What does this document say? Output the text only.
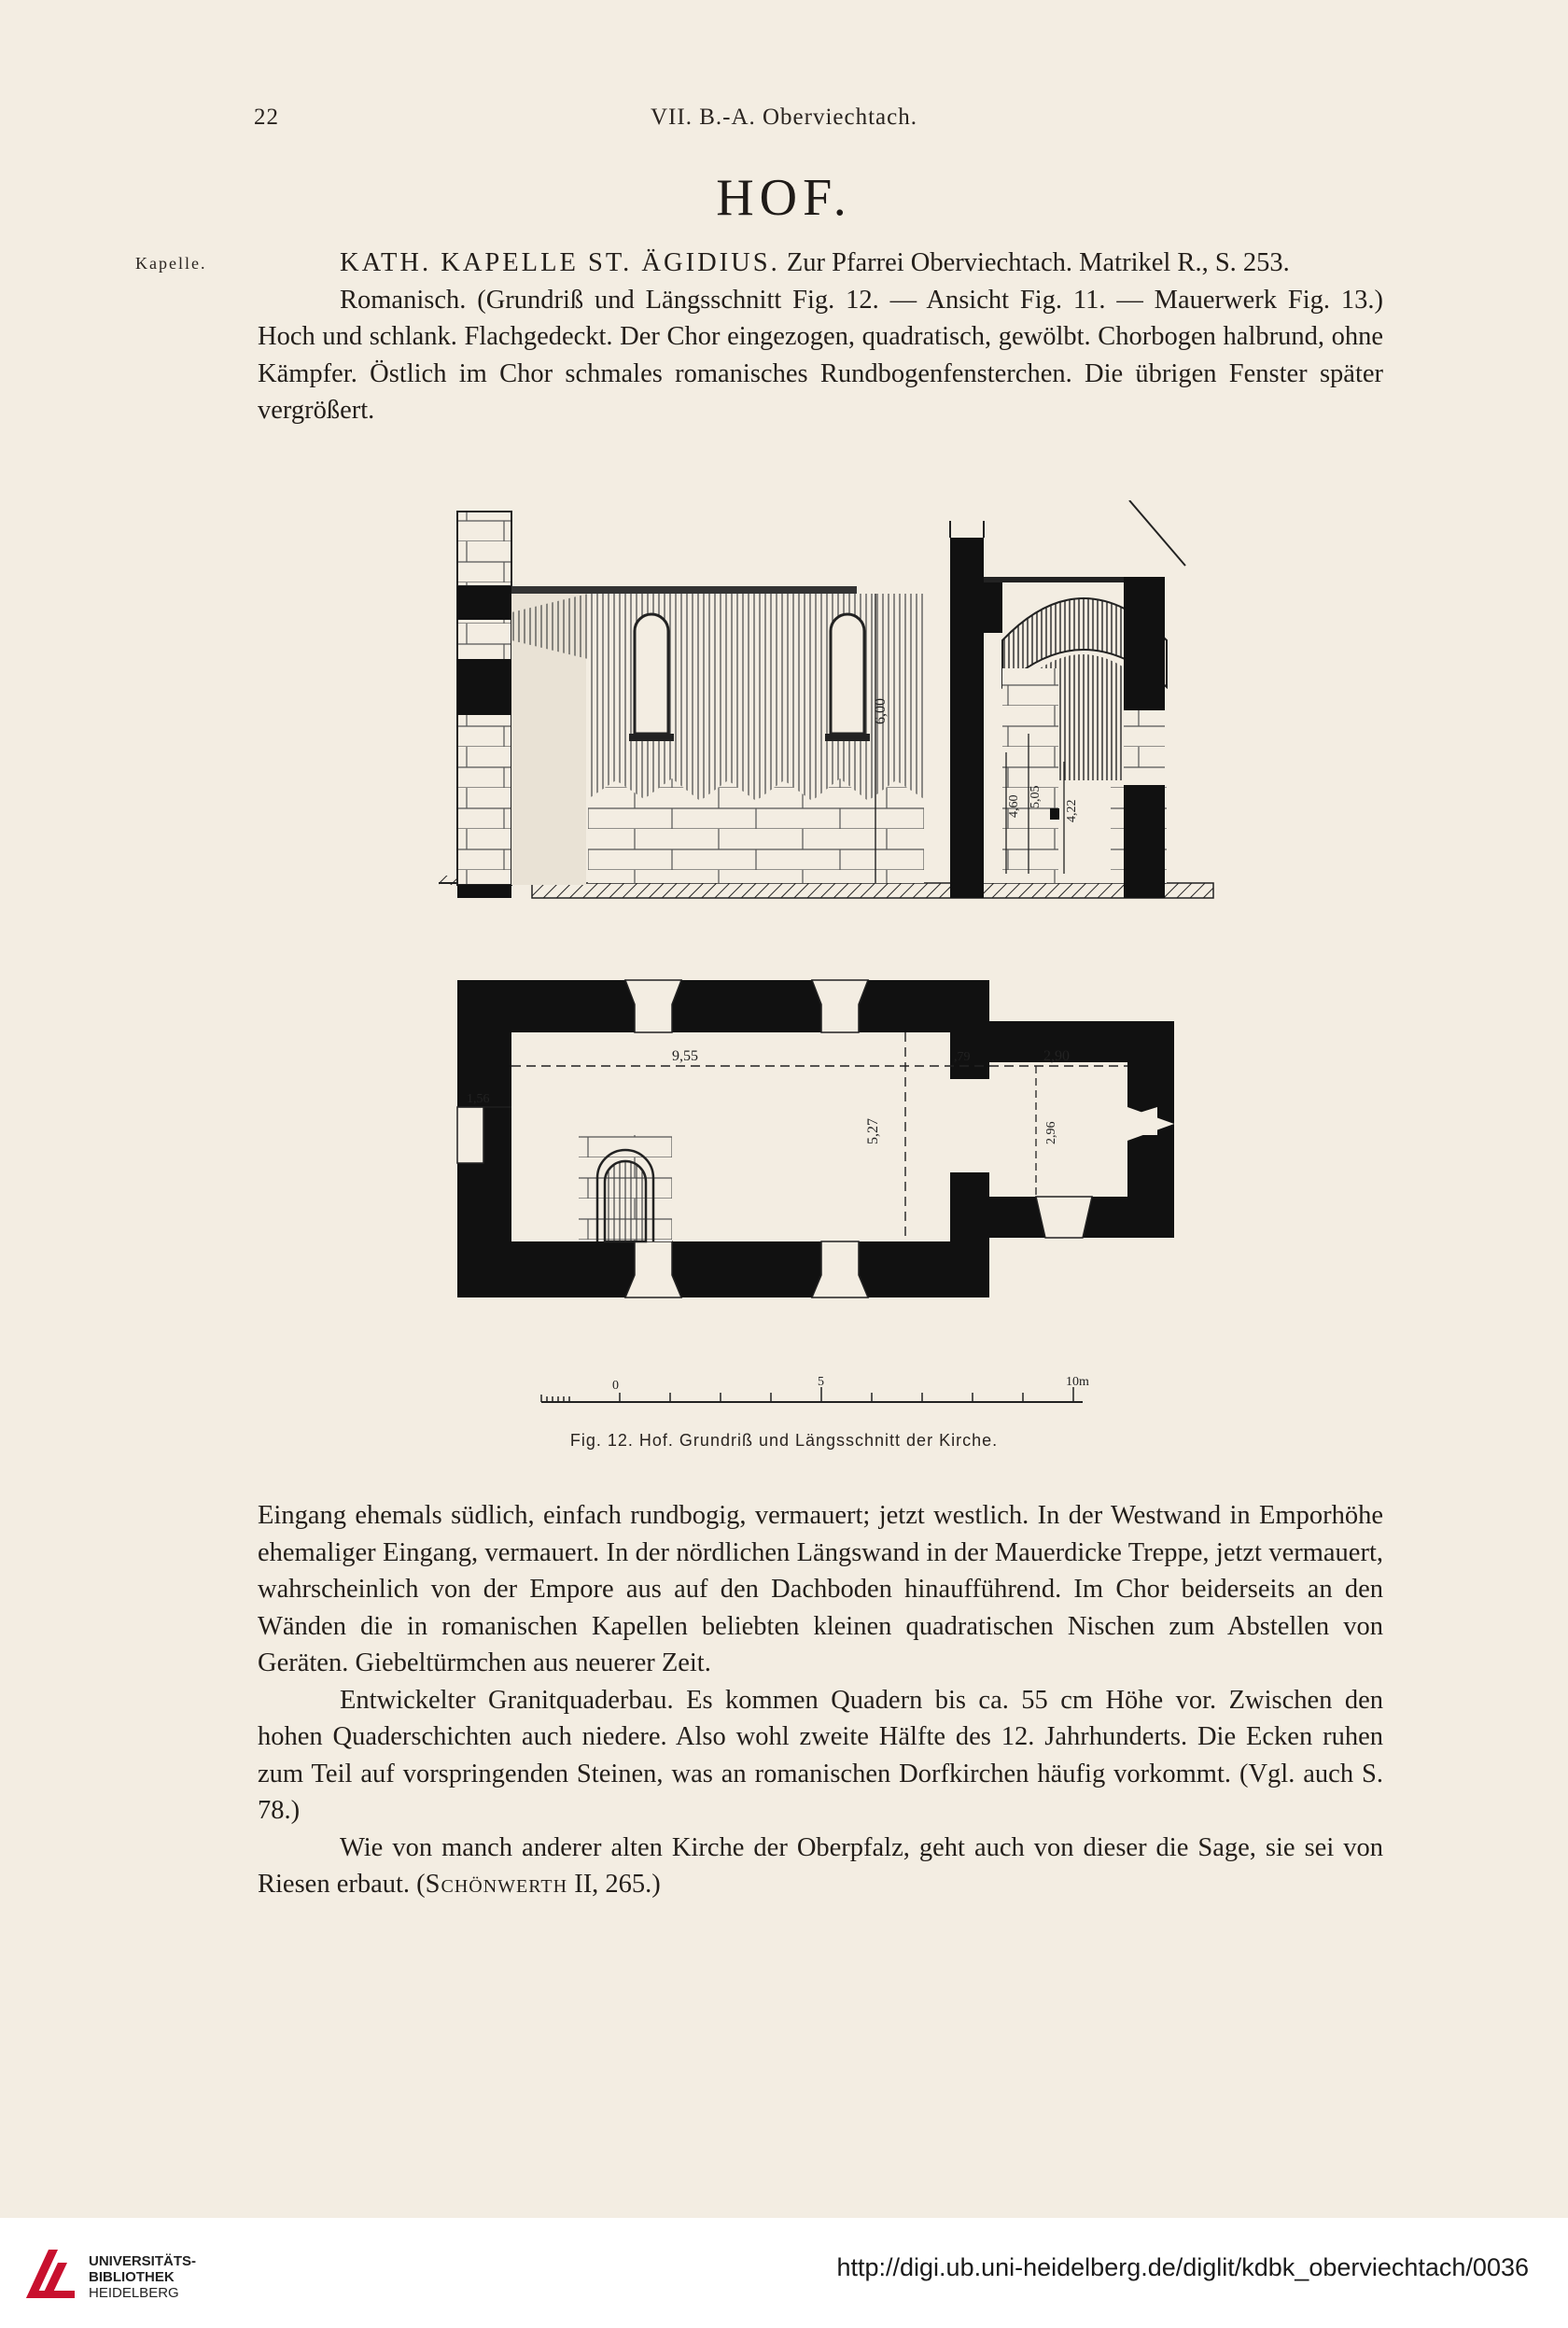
22	VII. B.-A. Oberviechtach.
HOF.
Kapelle.	KATH. KAPELLE ST. ÄGIDIUS. Zur Pfarrei Oberviechtach. Matrikel R., S. 253.

Romanisch. (Grundriß und Längsschnitt Fig. 12. — Ansicht Fig. 11. — Mauerwerk Fig. 13.) Hoch und schlank. Flachgedeckt. Der Chor eingezogen, quadratisch, gewölbt. Chorbogen halbrund, ohne Kämpfer. Östlich im Chor schmales romanisches Rundbogenfensterchen. Die übrigen Fenster später vergrößert.

6,00
4,60 5,05
4,22
9,55
1,56
5,27
,79	2,90
2,96
0	5	10m
Fig. 12. Hof. Grundriß und Längsschnitt der Kirche.

Eingang ehemals südlich, einfach rundbogig, vermauert; jetzt westlich. In der Westwand in Emporhöhe ehemaliger Eingang, vermauert. In der nördlichen Längswand in der Mauerdicke Treppe, jetzt vermauert, wahrscheinlich von der Empore aus auf den Dachboden hinaufführend. Im Chor beiderseits an den Wänden die in romanischen Kapellen beliebten kleinen quadratischen Nischen zum Abstellen von Geräten. Giebeltürmchen aus neuerer Zeit.

Entwickelter Granitquaderbau. Es kommen Quadern bis ca. 55 cm Höhe vor. Zwischen den hohen Quaderschichten auch niedere. Also wohl zweite Hälfte des 12. Jahrhunderts. Die Ecken ruhen zum Teil auf vorspringenden Steinen, was an romanischen Dorfkirchen häufig vorkommt. (Vgl. auch S. 78.)

Wie von manch anderer alten Kirche der Oberpfalz, geht auch von dieser die Sage, sie sei von Riesen erbaut. (Schönwerth II, 265.)

UNIVERSITÄTS-
BIBLIOTHEK
HEIDELBERG
http://digi.ub.uni-heidelberg.de/diglit/kdbk_oberviechtach/0036
